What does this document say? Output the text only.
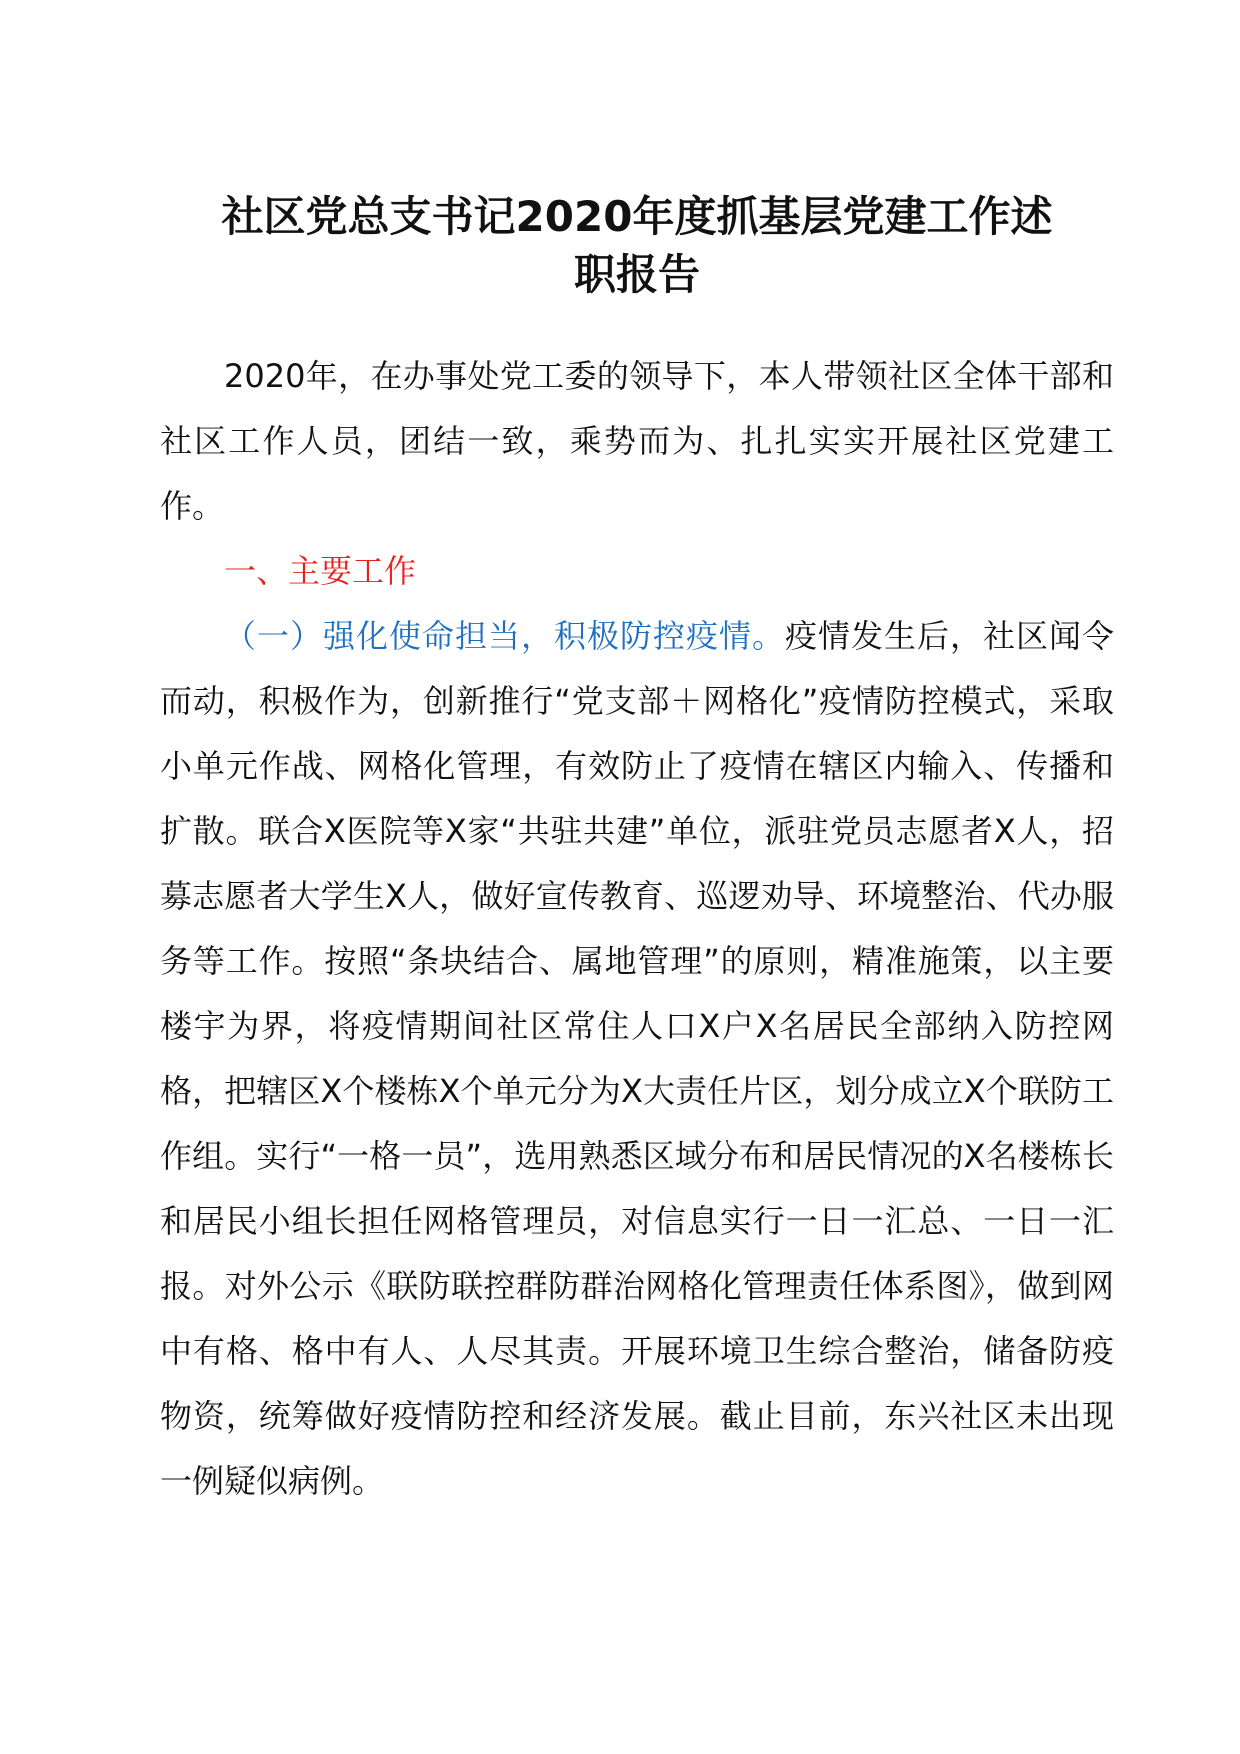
社区党总支书记2020年度抓基层党建工作述
职报告

2020年，在办事处党工委的领导下，本人带领社区全体干部和社区工作人员，团结一致，乘势而为、扎扎实实开展社区党建工作。

一、主要工作

（一）强化使命担当，积极防控疫情。疫情发生后，社区闻令而动，积极作为，创新推行“党支部＋网格化”疫情防控模式，采取小单元作战、网格化管理，有效防止了疫情在辖区内输入、传播和扩散。联合X医院等X家“共驻共建”单位，派驻党员志愿者X人，招募志愿者大学生X人，做好宣传教育、巡逻劝导、环境整治、代办服务等工作。按照“条块结合、属地管理”的原则，精准施策，以主要楼宇为界，将疫情期间社区常住人口X户X名居民全部纳入防控网格，把辖区X个楼栋X个单元分为X大责任片区，划分成立X个联防工作组。实行“一格一员”，选用熟悉区域分布和居民情况的X名楼栋长和居民小组长担任网格管理员，对信息实行一日一汇总、一日一汇报。对外公示《联防联控群防群治网格化管理责任体系图》，做到网中有格、格中有人、人尽其责。开展环境卫生综合整治，储备防疫物资，统筹做好疫情防控和经济发展。截止目前，东兴社区未出现一例疑似病例。
